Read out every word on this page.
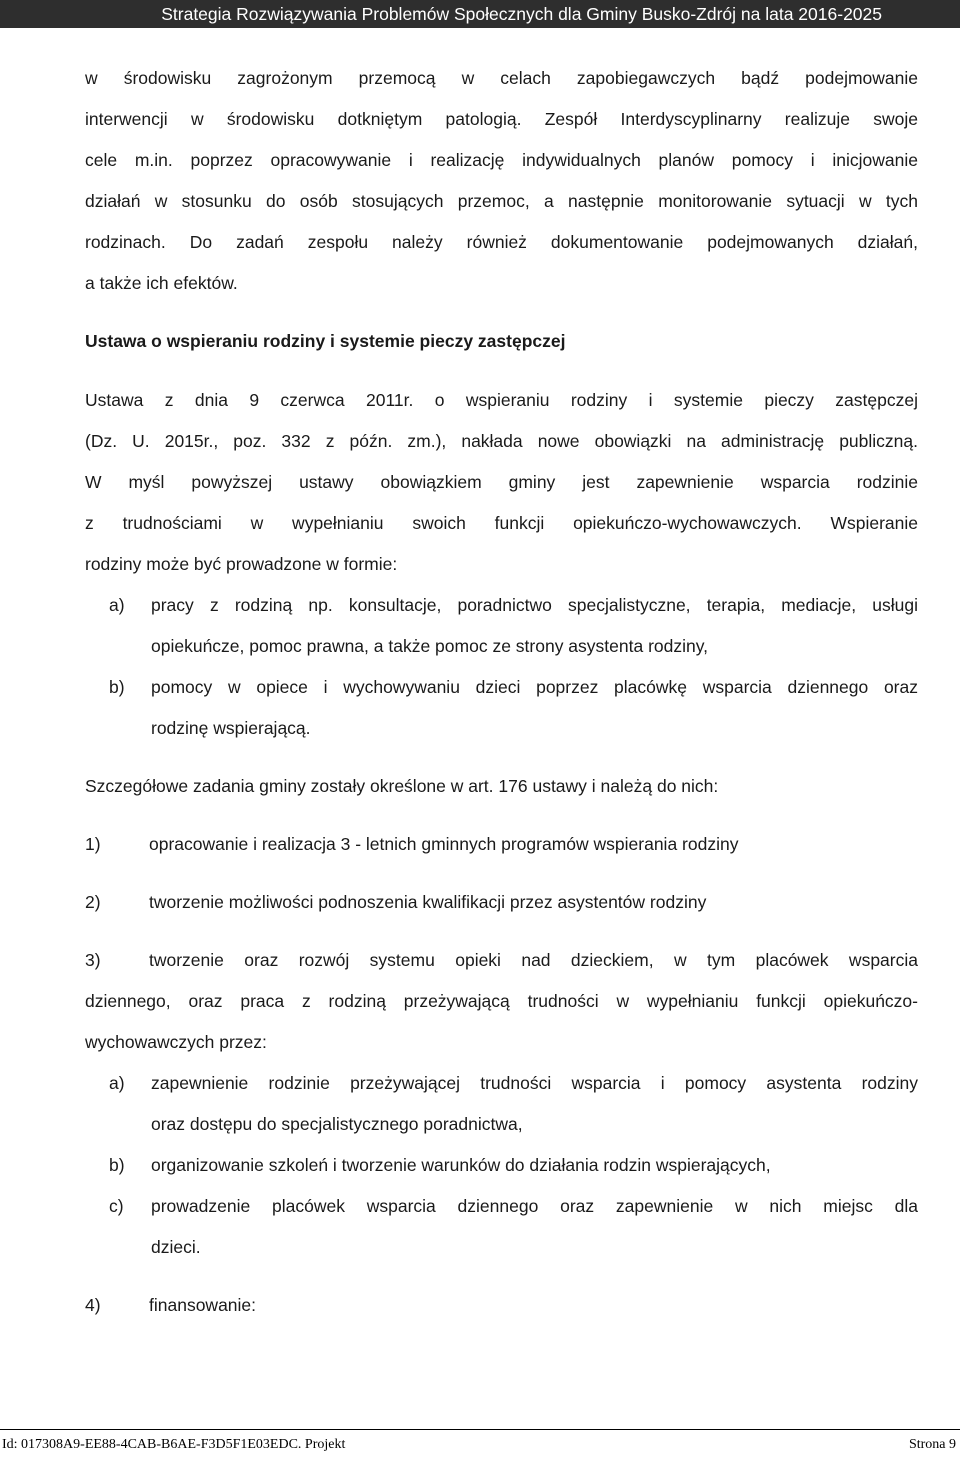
Strategia Rozwiązywania Problemów Społecznych dla Gminy Busko-Zdrój na lata 2016-2025
w środowisku zagrożonym przemocą w celach zapobiegawczych bądź podejmowanie
interwencji w środowisku dotkniętym patologią. Zespół Interdyscyplinarny realizuje swoje
cele m.in. poprzez opracowywanie i realizację indywidualnych planów pomocy i inicjowanie
działań w stosunku do osób stosujących przemoc, a następnie monitorowanie sytuacji w tych
rodzinach. Do zadań zespołu należy również dokumentowanie podejmowanych działań,
a także ich efektów.
Ustawa o wspieraniu rodziny i systemie pieczy zastępczej
Ustawa z dnia 9 czerwca 2011r. o wspieraniu rodziny i systemie pieczy zastępczej
(Dz. U. 2015r., poz. 332 z późn. zm.), nakłada nowe obowiązki na administrację publiczną.
W myśl powyższej ustawy obowiązkiem gminy jest zapewnienie wsparcia rodzinie
z trudnościami w wypełnianiu swoich funkcji opiekuńczo-wychowawczych. Wspieranie
rodziny może być prowadzone w formie:
a) pracy z rodziną np. konsultacje, poradnictwo specjalistyczne, terapia, mediacje, usługi
opiekuńcze, pomoc prawna, a także pomoc ze strony asystenta rodziny,
b) pomocy w opiece i wychowywaniu dzieci poprzez placówkę wsparcia dziennego oraz
rodzinę wspierającą.
Szczegółowe zadania gminy zostały określone w art. 176 ustawy i należą do nich:
1)	opracowanie i realizacja 3 - letnich gminnych programów wspierania rodziny
2)	tworzenie możliwości podnoszenia kwalifikacji przez asystentów rodziny
3)	tworzenie oraz rozwój systemu opieki nad dzieckiem, w tym placówek wsparcia
dziennego, oraz praca z rodziną przeżywającą trudności w wypełnianiu funkcji opiekuńczo-
wychowawczych przez:
a) zapewnienie rodzinie przeżywającej trudności wsparcia i pomocy asystenta rodziny
oraz dostępu do specjalistycznego poradnictwa,
b) organizowanie szkoleń i tworzenie warunków do działania rodzin wspierających,
c) prowadzenie placówek wsparcia dziennego oraz zapewnienie w nich miejsc dla
dzieci.
4)	finansowanie:
Id: 017308A9-EE88-4CAB-B6AE-F3D5F1E03EDC. Projekt	Strona 9
